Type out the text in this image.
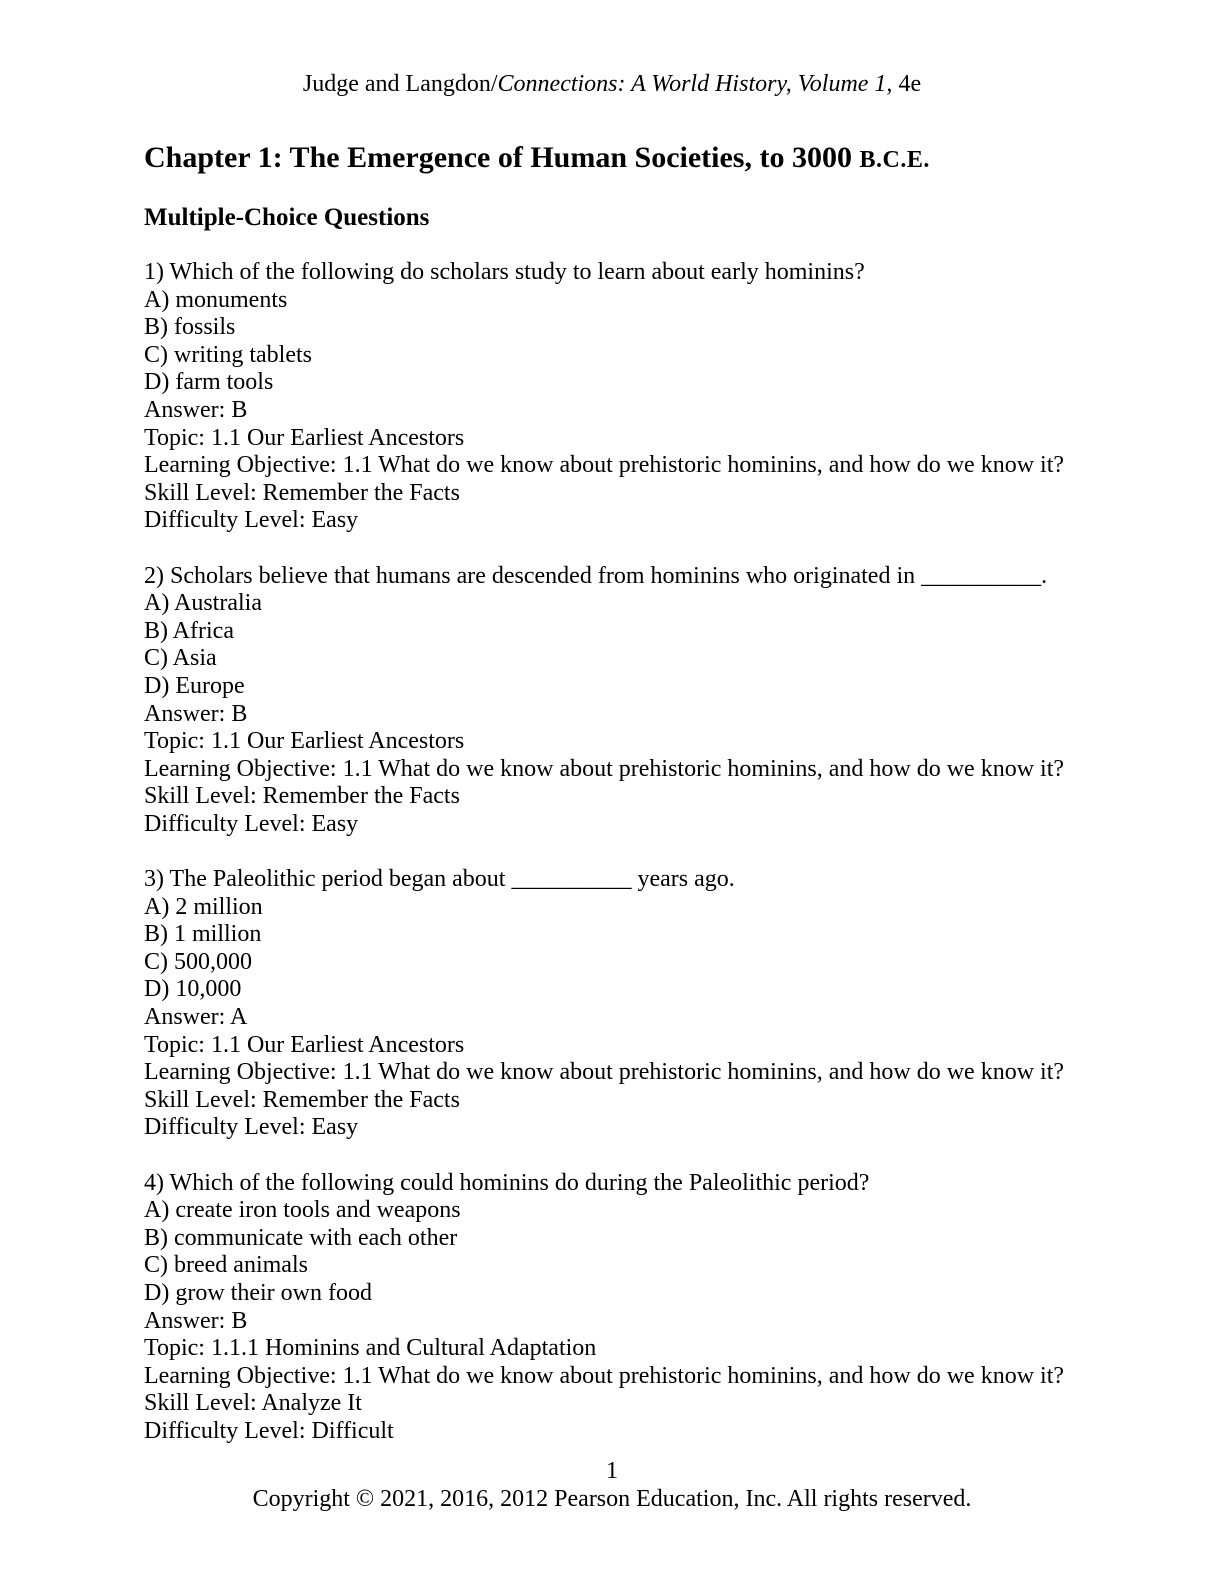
Judge and Langdon/Connections: A World History, Volume 1, 4e
Chapter 1: The Emergence of Human Societies, to 3000 B.C.E.
Multiple-Choice Questions
1) Which of the following do scholars study to learn about early hominins?
A) monuments
B) fossils
C) writing tablets
D) farm tools
Answer: B
Topic: 1.1 Our Earliest Ancestors
Learning Objective: 1.1 What do we know about prehistoric hominins, and how do we know it?
Skill Level: Remember the Facts
Difficulty Level: Easy
2) Scholars believe that humans are descended from hominins who originated in __________.
A) Australia
B) Africa
C) Asia
D) Europe
Answer: B
Topic: 1.1 Our Earliest Ancestors
Learning Objective: 1.1 What do we know about prehistoric hominins, and how do we know it?
Skill Level: Remember the Facts
Difficulty Level: Easy
3) The Paleolithic period began about __________ years ago.
A) 2 million
B) 1 million
C) 500,000
D) 10,000
Answer: A
Topic: 1.1 Our Earliest Ancestors
Learning Objective: 1.1 What do we know about prehistoric hominins, and how do we know it?
Skill Level: Remember the Facts
Difficulty Level: Easy
4) Which of the following could hominins do during the Paleolithic period?
A) create iron tools and weapons
B) communicate with each other
C) breed animals
D) grow their own food
Answer: B
Topic: 1.1.1 Hominins and Cultural Adaptation
Learning Objective: 1.1 What do we know about prehistoric hominins, and how do we know it?
Skill Level: Analyze It
Difficulty Level: Difficult
1
Copyright © 2021, 2016, 2012 Pearson Education, Inc. All rights reserved.
